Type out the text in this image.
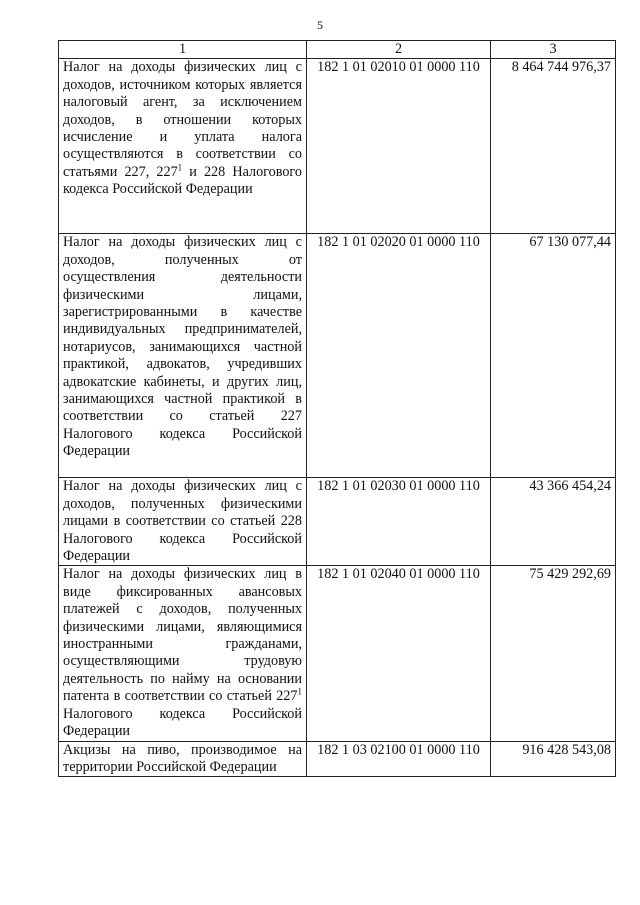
5
1	2	3
Налог на доходы физических лиц с доходов, источником которых является налоговый агент, за исключением доходов, в отношении которых исчисление и уплата налога осуществляются в соответствии со статьями 227, $227^1$ и 228 Налогового кодекса Российской Федерации	182 1 01 02010 01 0000 110	8 464 744 976,37
Налог на доходы физических лиц с доходов, полученных от осуществления деятельности физическими лицами, зарегистрированными в качестве индивидуальных предпринимателей, нотариусов, занимающихся частной практикой, адвокатов, учредивших адвокатские кабинеты, и других лиц, занимающихся частной практикой в соответствии со статьей 227 Налогового кодекса Российской Федерации	182 1 01 02020 01 0000 110	67 130 077,44
Налог на доходы физических лиц с доходов, полученных физическими лицами в соответствии со статьей 228 Налогового кодекса Российской Федерации	182 1 01 02030 01 0000 110	43 366 454,24
Налог на доходы физических лиц в виде фиксированных авансовых платежей с доходов, полученных физическими лицами, являющимися иностранными гражданами, осуществляющими трудовую деятельность по найму на основании патента в соответствии со статьей $227^1$ Налогового кодекса Российской Федерации	182 1 01 02040 01 0000 110	75 429 292,69
Акцизы на пиво, производимое на территории Российской Федерации	182 1 03 02100 01 0000 110	916 428 543,08
